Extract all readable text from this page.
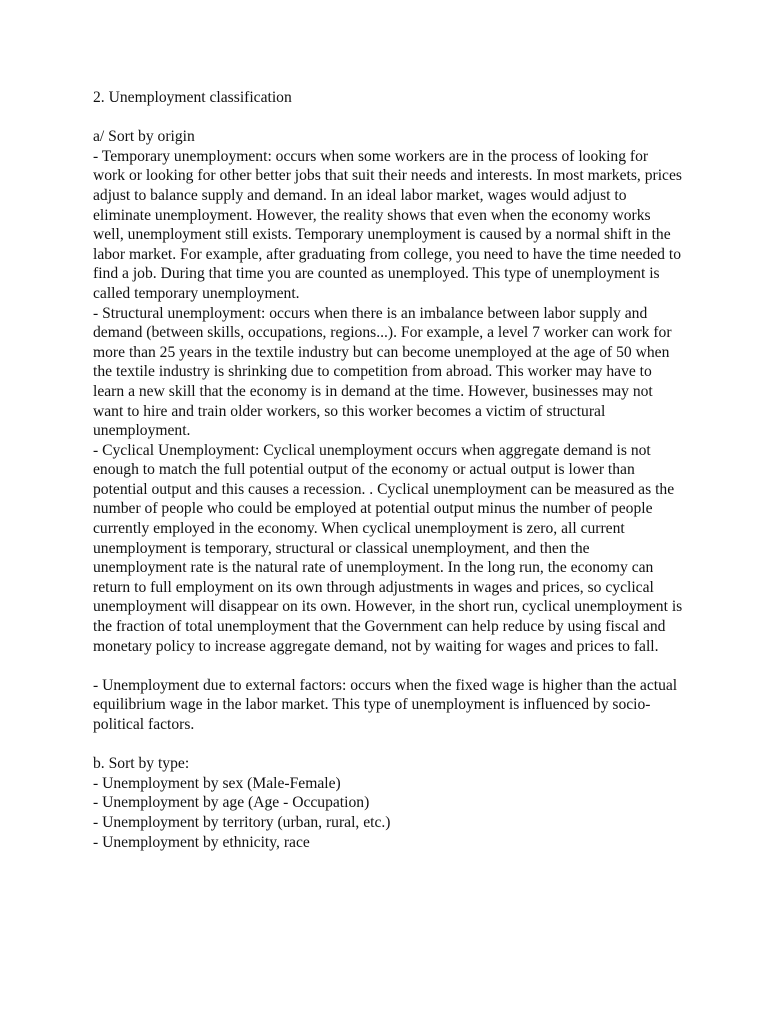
2. Unemployment classification

a/ Sort by origin

- Temporary unemployment: occurs when some workers are in the process of looking for work or looking for other better jobs that suit their needs and interests. In most markets, prices adjust to balance supply and demand. In an ideal labor market, wages would adjust to eliminate unemployment. However, the reality shows that even when the economy works well, unemployment still exists. Temporary unemployment is caused by a normal shift in the labor market. For example, after graduating from college, you need to have the time needed to find a job. During that time you are counted as unemployed. This type of unemployment is called temporary unemployment.

- Structural unemployment: occurs when there is an imbalance between labor supply and demand (between skills, occupations, regions...). For example, a level 7 worker can work for more than 25 years in the textile industry but can become unemployed at the age of 50 when the textile industry is shrinking due to competition from abroad. This worker may have to learn a new skill that the economy is in demand at the time. However, businesses may not want to hire and train older workers, so this worker becomes a victim of structural unemployment.

- Cyclical Unemployment: Cyclical unemployment occurs when aggregate demand is not enough to match the full potential output of the economy or actual output is lower than potential output and this causes a recession. . Cyclical unemployment can be measured as the number of people who could be employed at potential output minus the number of people currently employed in the economy. When cyclical unemployment is zero, all current unemployment is temporary, structural or classical unemployment, and then the unemployment rate is the natural rate of unemployment. In the long run, the economy can return to full employment on its own through adjustments in wages and prices, so cyclical unemployment will disappear on its own. However, in the short run, cyclical unemployment is the fraction of total unemployment that the Government can help reduce by using fiscal and monetary policy to increase aggregate demand, not by waiting for wages and prices to fall.

- Unemployment due to external factors: occurs when the fixed wage is higher than the actual equilibrium wage in the labor market. This type of unemployment is influenced by socio-political factors.

b. Sort by type:

- Unemployment by sex (Male-Female)

- Unemployment by age (Age - Occupation)

- Unemployment by territory (urban, rural, etc.)

- Unemployment by ethnicity, race
